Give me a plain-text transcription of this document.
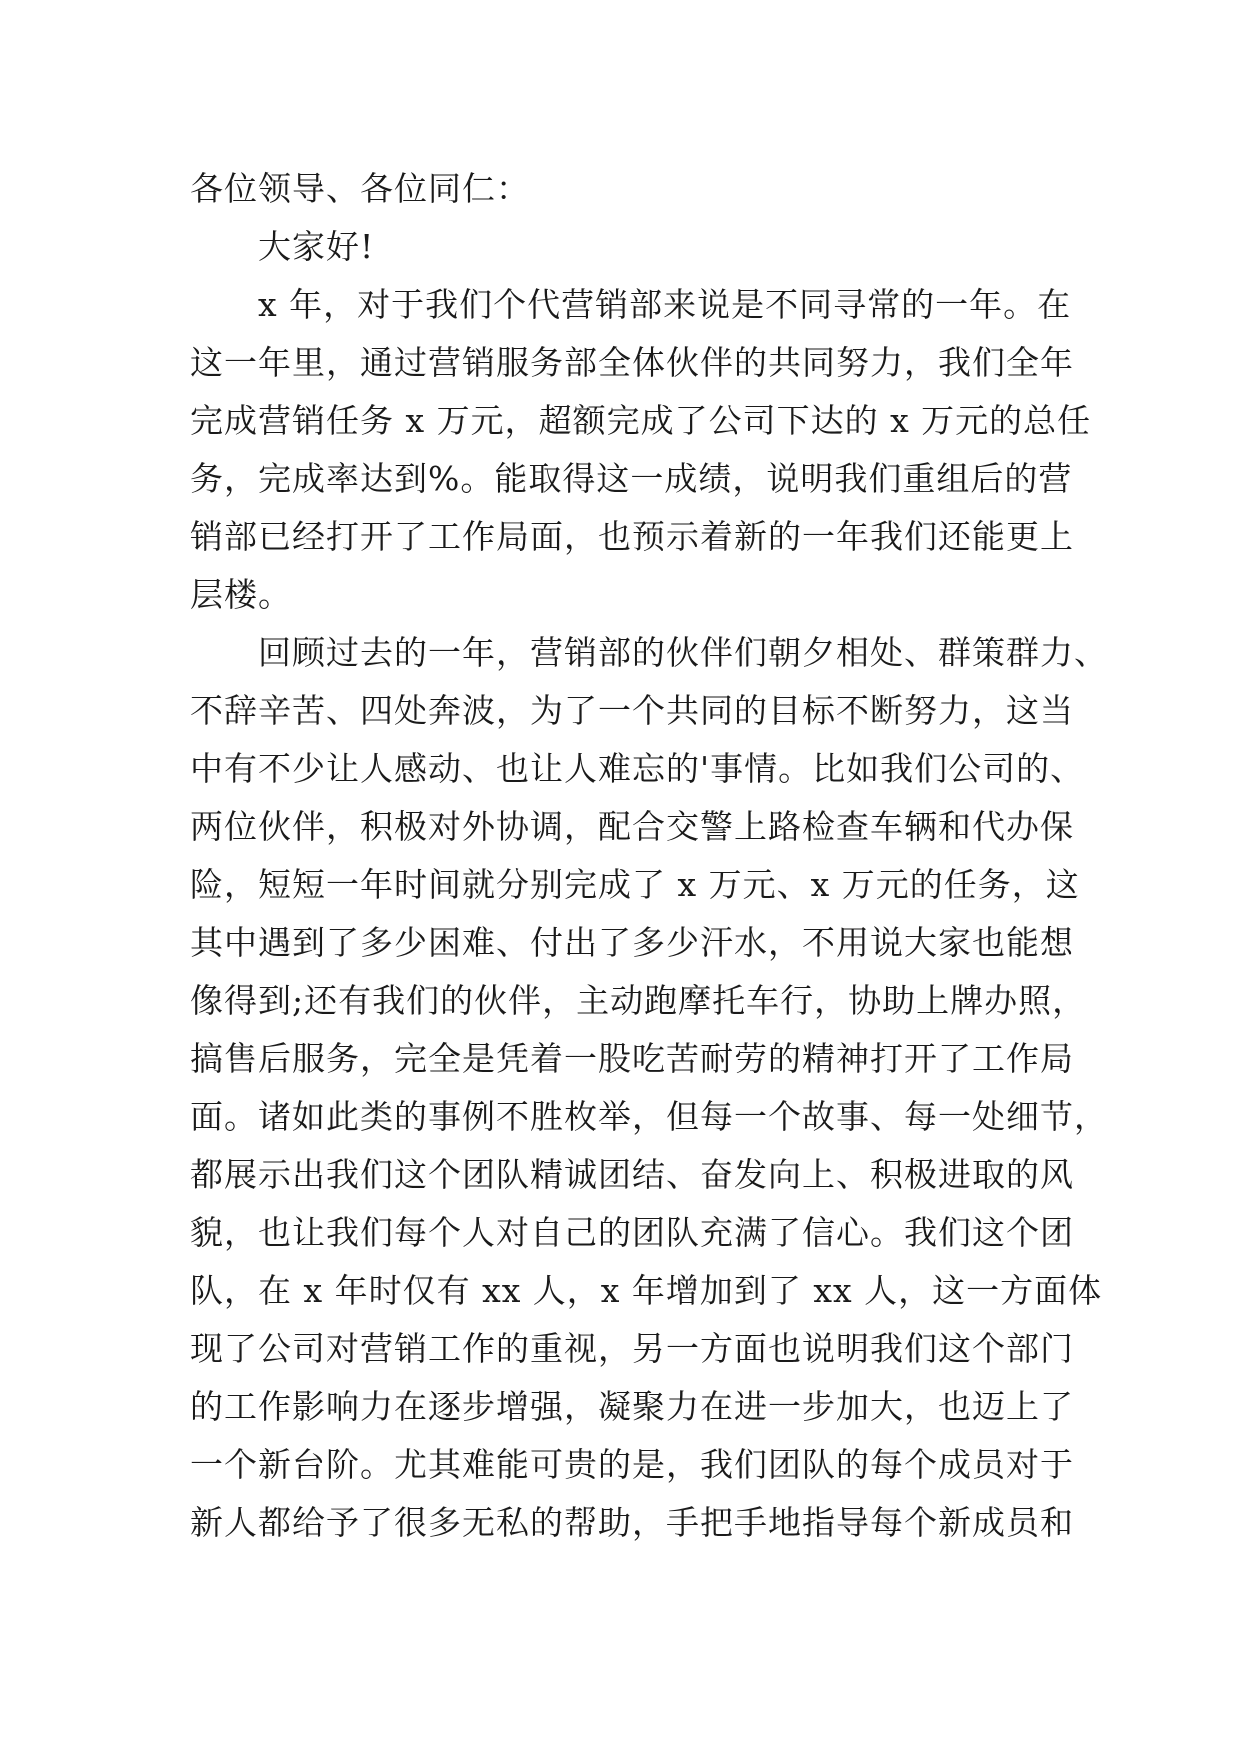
各位领导、各位同仁：
大家好!
x 年，对于我们个代营销部来说是不同寻常的一年。在
这一年里，通过营销服务部全体伙伴的共同努力，我们全年
完成营销任务 x 万元，超额完成了公司下达的 x 万元的总任
务，完成率达到%。能取得这一成绩，说明我们重组后的营
销部已经打开了工作局面，也预示着新的一年我们还能更上
层楼。
回顾过去的一年，营销部的伙伴们朝夕相处、群策群力、
不辞辛苦、四处奔波，为了一个共同的目标不断努力，这当
中有不少让人感动、也让人难忘的'事情。比如我们公司的、
两位伙伴，积极对外协调，配合交警上路检查车辆和代办保
险，短短一年时间就分别完成了 x 万元、x 万元的任务，这
其中遇到了多少困难、付出了多少汗水，不用说大家也能想
像得到;还有我们的伙伴，主动跑摩托车行，协助上牌办照，
搞售后服务，完全是凭着一股吃苦耐劳的精神打开了工作局
面。诸如此类的事例不胜枚举，但每一个故事、每一处细节，
都展示出我们这个团队精诚团结、奋发向上、积极进取的风
貌，也让我们每个人对自己的团队充满了信心。我们这个团
队，在 x 年时仅有 xx 人，x 年增加到了 xx 人，这一方面体
现了公司对营销工作的重视，另一方面也说明我们这个部门
的工作影响力在逐步增强，凝聚力在进一步加大，也迈上了
一个新台阶。尤其难能可贵的是，我们团队的每个成员对于
新人都给予了很多无私的帮助，手把手地指导每个新成员和
